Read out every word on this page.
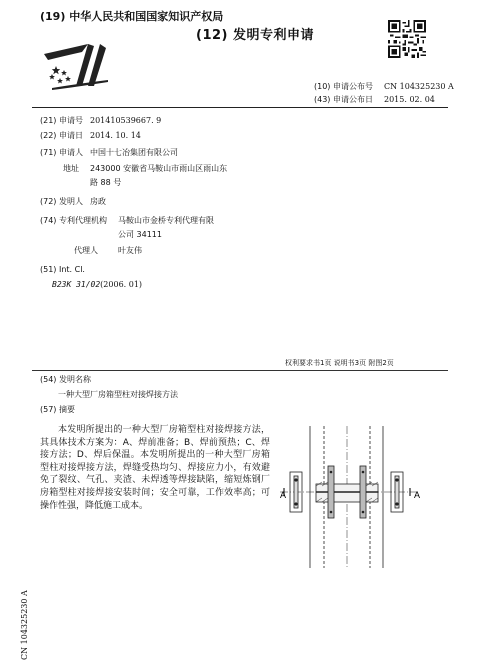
(19) 中华人民共和国国家知识产权局
(12) 发明专利申请
(10) 申请公布号 CN 104325230 A
(43) 申请公布日 2015. 02. 04
(21) 申请号 201410539667. 9
(22) 申请日 2014. 10. 14
(71) 申请人 中国十七冶集团有限公司
地址 243000 安徽省马鞍山市雨山区雨山东
路 88 号
(72) 发明人 房政
(74) 专利代理机构 马鞍山市金桥专利代理有限
公司 34111
代理人	叶友伟
(51) Int. Cl.
B23K 31/02(2006. 01)
权利要求书1页 说明书3页 附图2页
(54) 发明名称
一种大型厂房箱型柱对接焊接方法
(57) 摘要
本发明所提出的一种大型厂房箱型柱对接焊接方法，其具体技术方案为：A、焊前准备；B、焊前预热；C、焊接方法；D、焊后保温。本发明所提出的一种大型厂房箱型柱对接焊接方法，焊缝受热均匀、焊接应力小，有效避免了裂纹、气孔、夹渣、未焊透等焊接缺陷，缩短炼钢厂房箱型柱对接焊接安装时间；安全可靠，工作效率高；可操作性强，降低施工成本。
A	A
CN 104325230 A
